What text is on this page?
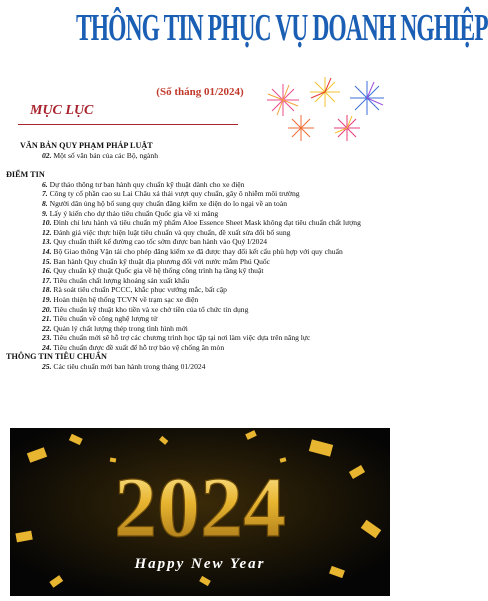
THÔNG TIN PHỤC VỤ DOANH NGHIỆP
(Số tháng 01/2024)
MỤC LỤC
VĂN BẢN QUY PHẠM PHÁP LUẬT
02. Một số văn bản của các Bộ, ngành
ĐIỂM TIN
6. Dự thảo thông tư ban hành quy chuẩn kỹ thuật dành cho xe điện
7. Công ty cổ phần cao su Lai Châu xả thải vượt quy chuẩn, gây ô nhiễm môi trường
8. Người dân ủng hộ bổ sung quy chuẩn đăng kiểm xe điện do lo ngại về an toàn
9. Lấy ý kiến cho dự thảo tiêu chuẩn Quốc gia về xi măng
10. Đình chỉ lưu hành và tiêu chuẩn mỹ phẩm Aloe Essence Sheet Mask không đạt tiêu chuẩn chất lượng
12. Đánh giá việc thực hiện luật tiêu chuẩn và quy chuẩn, đề xuất sửa đổi bổ sung
13. Quy chuẩn thiết kế đường cao tốc sớm được ban hành vào Quý I/2024
14. Bộ Giao thông Vận tải cho phép đăng kiểm xe đã được thay đổi kết cấu phù hợp với quy chuẩn
15. Ban hành Quy chuẩn kỹ thuật địa phương đối với nước mắm Phú Quốc
16. Quy chuẩn kỹ thuật Quốc gia về hệ thống công trình hạ tầng kỹ thuật
17. Tiêu chuẩn chất lượng khoáng sản xuất khẩu
18. Rà soát tiêu chuẩn PCCC, khắc phục vướng mắc, bất cập
19. Hoàn thiện hệ thống TCVN về trạm sạc xe điện
20. Tiêu chuẩn kỹ thuật kho tiền và xe chở tiền của tổ chức tín dụng
21. Tiêu chuẩn về công nghệ lượng tử
22. Quản lý chất lượng thép trong tình hình mới
23. Tiêu chuẩn mới sẽ hỗ trợ các chương trình học tập tại nơi làm việc dựa trên năng lực
24. Tiêu chuẩn được đề xuất để hỗ trợ bảo vệ chống ăn mòn
THÔNG TIN TIÊU CHUẨN
25. Các tiêu chuẩn mới ban hành trong tháng 01/2024
2024
Happy New Year
